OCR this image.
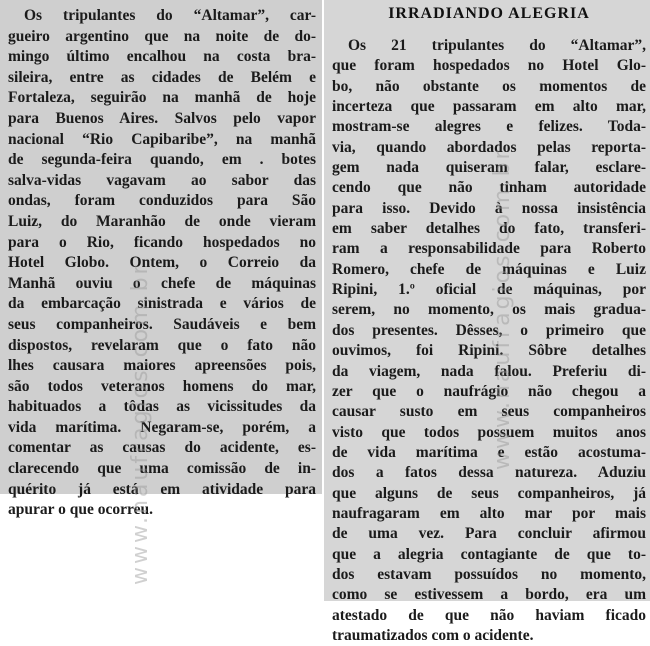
Os tripulantes do “Altamar”, car-
gueiro argentino que na noite de do-
mingo último encalhou na costa bra-
sileira, entre as cidades de Belém e
Fortaleza, seguirão na manhã de hoje
para Buenos Aires. Salvos pelo vapor
nacional “Rio Capibaribe”, na manhã
de segunda-feira quando, em . botes
salva-vidas vagavam ao sabor das
ondas, foram conduzidos para São
Luiz, do Maranhão de onde vieram
para o Rio, ficando hospedados no
Hotel Globo. Ontem, o Correio da
Manhã ouviu o chefe de máquinas
da embarcação sinistrada e vários de
seus companheiros. Saudáveis e bem
dispostos, revelaram que o fato não
lhes causara maiores apreensões pois,
são todos veteranos homens do mar,
habituados a tôdas as vicissitudes da
vida marítima. Negaram-se, porém, a
comentar as causas do acidente, es-
clarecendo que uma comissão de in-
quérito já está em atividade para
apurar o que ocorreu.
IRRADIANDO ALEGRIA
Os 21 tripulantes do “Altamar”,
que foram hospedados no Hotel Glo-
bo, não obstante os momentos de
incerteza que passaram em alto mar,
mostram-se alegres e felizes. Toda-
via, quando abordados pelas reporta-
gem nada quiseram falar, esclare-
cendo que não tinham autoridade
para isso. Devido à nossa insistência
em saber detalhes do fato, transferi-
ram a responsabilidade para Roberto
Romero, chefe de máquinas e Luiz
Ripini, 1.º oficial de máquinas, por
serem, no momento, os mais gradua-
dos presentes. Dêsses, o primeiro que
ouvimos, foi Ripini. Sôbre detalhes
da viagem, nada falou. Preferiu di-
zer que o naufrágio não chegou a
causar susto em seus companheiros
visto que todos possuem muitos anos
de vida marítima e estão acostuma-
dos a fatos dessa natureza. Aduziu
que alguns de seus companheiros, já
naufragaram em alto mar por mais
de uma vez. Para concluir afirmou
que a alegria contagiante de que to-
dos estavam possuídos no momento,
como se estivessem a bordo, era um
atestado de que não haviam ficado
traumatizados com o acidente.
www.naufragios.com.br	www.naufragios.com.br
